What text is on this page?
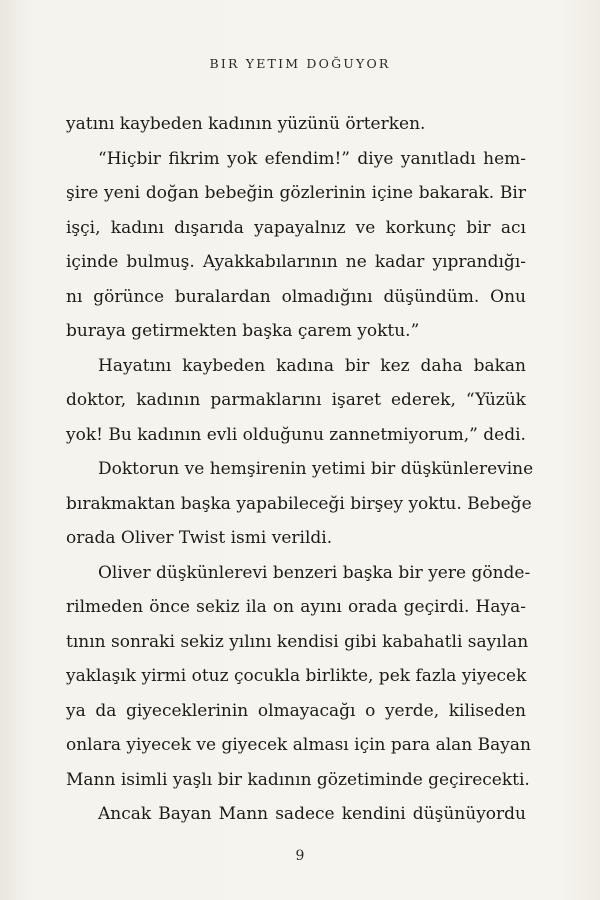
BIR YETIM DOĞUYOR
yatını kaybeden kadının yüzünü örterken.
“Hiçbir fikrim yok efendim!” diye yanıtladı hem-
şire yeni doğan bebeğin gözlerinin içine bakarak. Bir
işçi, kadını dışarıda yapayalnız ve korkunç bir acı
içinde bulmuş. Ayakkabılarının ne kadar yıprandığı-
nı görünce buralardan olmadığını düşündüm. Onu
buraya getirmekten başka çarem yoktu.”
Hayatını kaybeden kadına bir kez daha bakan
doktor, kadının parmaklarını işaret ederek, “Yüzük
yok! Bu kadının evli olduğunu zannetmiyorum,” dedi.
Doktorun ve hemşirenin yetimi bir düşkünlerevine
bırakmaktan başka yapabileceği birşey yoktu. Bebeğe
orada Oliver Twist ismi verildi.
Oliver düşkünlerevi benzeri başka bir yere gönde-
rilmeden önce sekiz ila on ayını orada geçirdi. Haya-
tının sonraki sekiz yılını kendisi gibi kabahatli sayılan
yaklaşık yirmi otuz çocukla birlikte, pek fazla yiyecek
ya da giyeceklerinin olmayacağı o yerde, kiliseden
onlara yiyecek ve giyecek alması için para alan Bayan
Mann isimli yaşlı bir kadının gözetiminde geçirecekti.
Ancak Bayan Mann sadece kendini düşünüyordu
9
